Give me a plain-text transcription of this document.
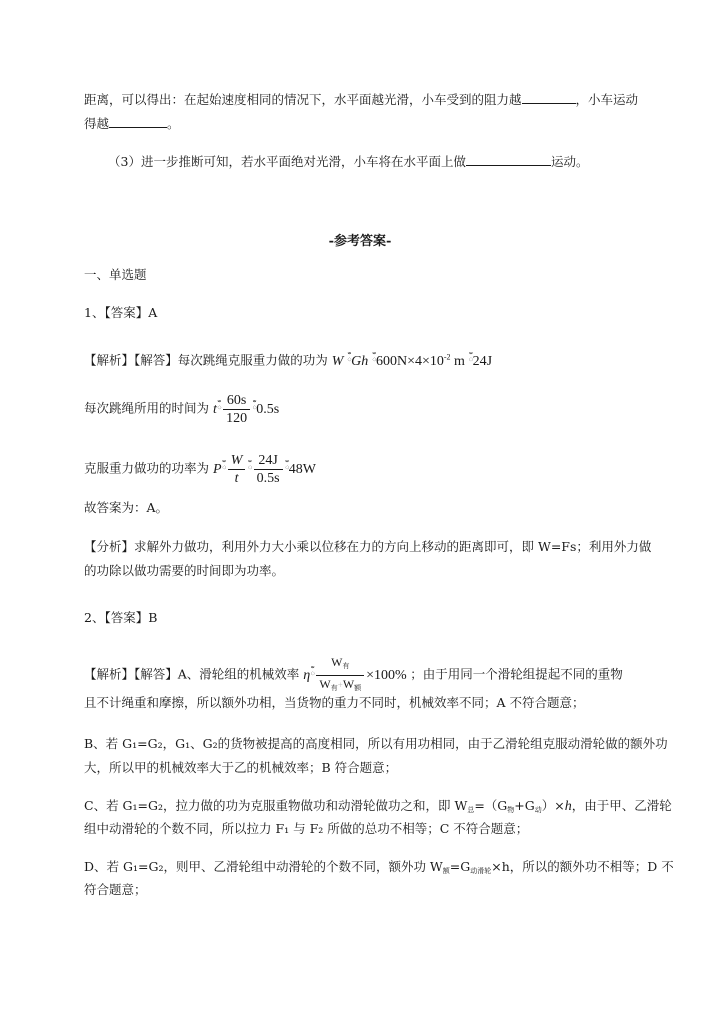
距离，可以得出：在起始速度相同的情况下，水平面越光滑，小车受到的阻力越	，小车运动
得越	。
（3）进一步推断可知，若水平面绝对光滑，小车将在水平面上做	运动。
-参考答案-
一、单选题
1、【答案】A
【解析】【解答】每次跳绳克服重力做的功为 W ఀGh $^ఀ600N\times 4\times 10^{-2}$ m ఀ24J
每次跳绳所用的时间为 $t^ఀ \frac{60s}{120} ^ఀ0.5s$
克服重力做功的功率为 $P^ఀ \frac{W}{t} ^ఀ \frac{24J}{0.5s} ^ఀ48W$
故答案为：A。
【分析】求解外力做功，利用外力大小乘以位移在力的方向上移动的距离即可，即 W=Fs；利用外力做
的功除以做功需要的时间即为功率。
2、【答案】B
【解析】【解答】A、滑轮组的机械效率 $\eta^ఀ \frac{W_有}{W_有+W_额} \times 100\%$ ；由于用同一个滑轮组提起不同的重物
且不计绳重和摩擦，所以额外功相，当货物的重力不同时，机械效率不同；A 不符合题意；
B、若 G₁=G₂，G₁、G₂的货物被提高的高度相同，所以有用功相同，由于乙滑轮组克服动滑轮做的额外功
大，所以甲的机械效率大于乙的机械效率；B 符合题意；
C、若 G₁=G₂，拉力做的功为克服重物做功和动滑轮做功之和，即 $W_总=(G_物+G_动)\times h$，由于甲、乙滑轮
组中动滑轮的个数不同，所以拉力 F₁ 与 F₂ 所做的总功不相等；C 不符合题意；
D、若 G₁=G₂，则甲、乙滑轮组中动滑轮的个数不同，额外功 $W_额=G_{动滑轮}\times h$，所以的额外功不相等；D 不
符合题意；
